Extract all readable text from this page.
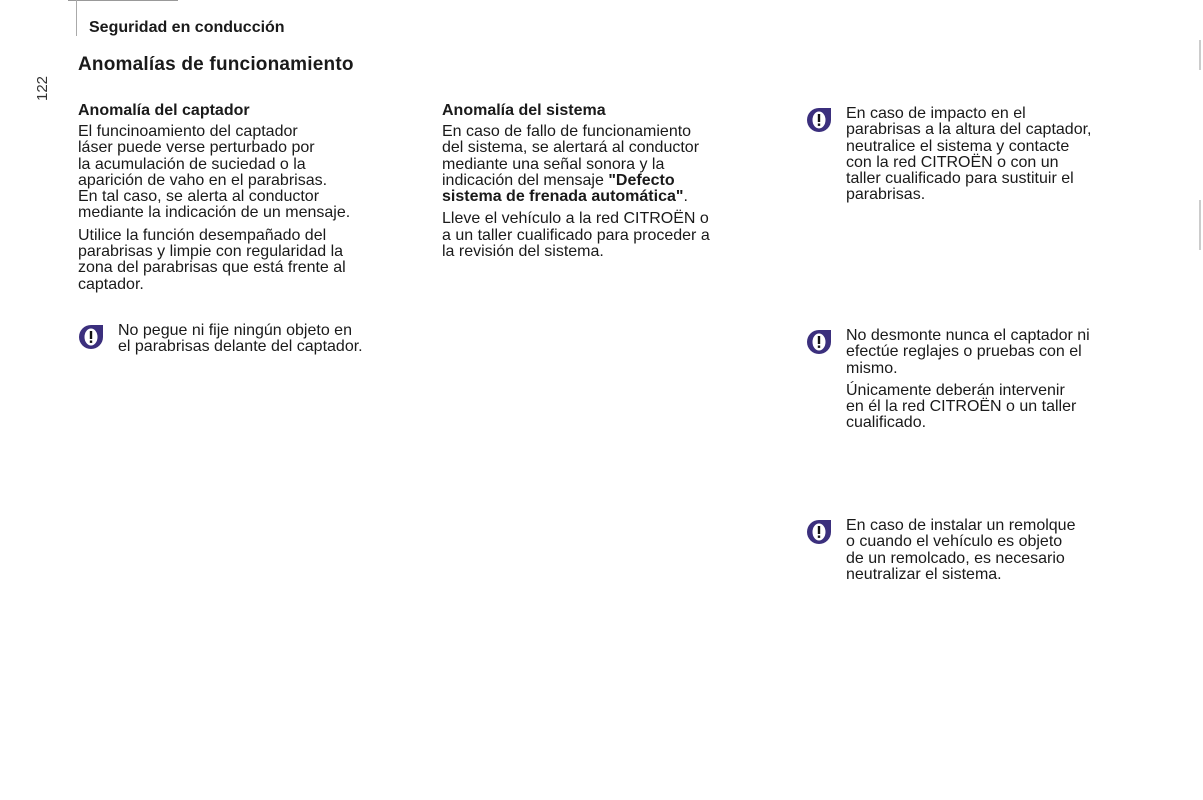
Seguridad en conducción
Anomalías de funcionamiento
122
Anomalía del captador
El funcinoamiento del captador
láser puede verse perturbado por
la acumulación de suciedad o la
aparición de vaho en el parabrisas.
En tal caso, se alerta al conductor
mediante la indicación de un mensaje.
Utilice la función desempañado del
parabrisas y limpie con regularidad la
zona del parabrisas que está frente al
captador.
No pegue ni fije ningún objeto en
el parabrisas delante del captador.
Anomalía del sistema
En caso de fallo de funcionamiento
del sistema, se alertará al conductor
mediante una señal sonora y la
indicación del mensaje "Defecto
sistema de frenada automática".
Lleve el vehículo a la red CITROËN o
a un taller cualificado para proceder a
la revisión del sistema.
En caso de impacto en el
parabrisas a la altura del captador,
neutralice el sistema y contacte
con la red CITROËN o con un
taller cualificado para sustituir el
parabrisas.
No desmonte nunca el captador ni
efectúe reglajes o pruebas con el
mismo.
Únicamente deberán intervenir
en él la red CITROËN o un taller
cualificado.
En caso de instalar un remolque
o cuando el vehículo es objeto
de un remolcado, es necesario
neutralizar el sistema.
